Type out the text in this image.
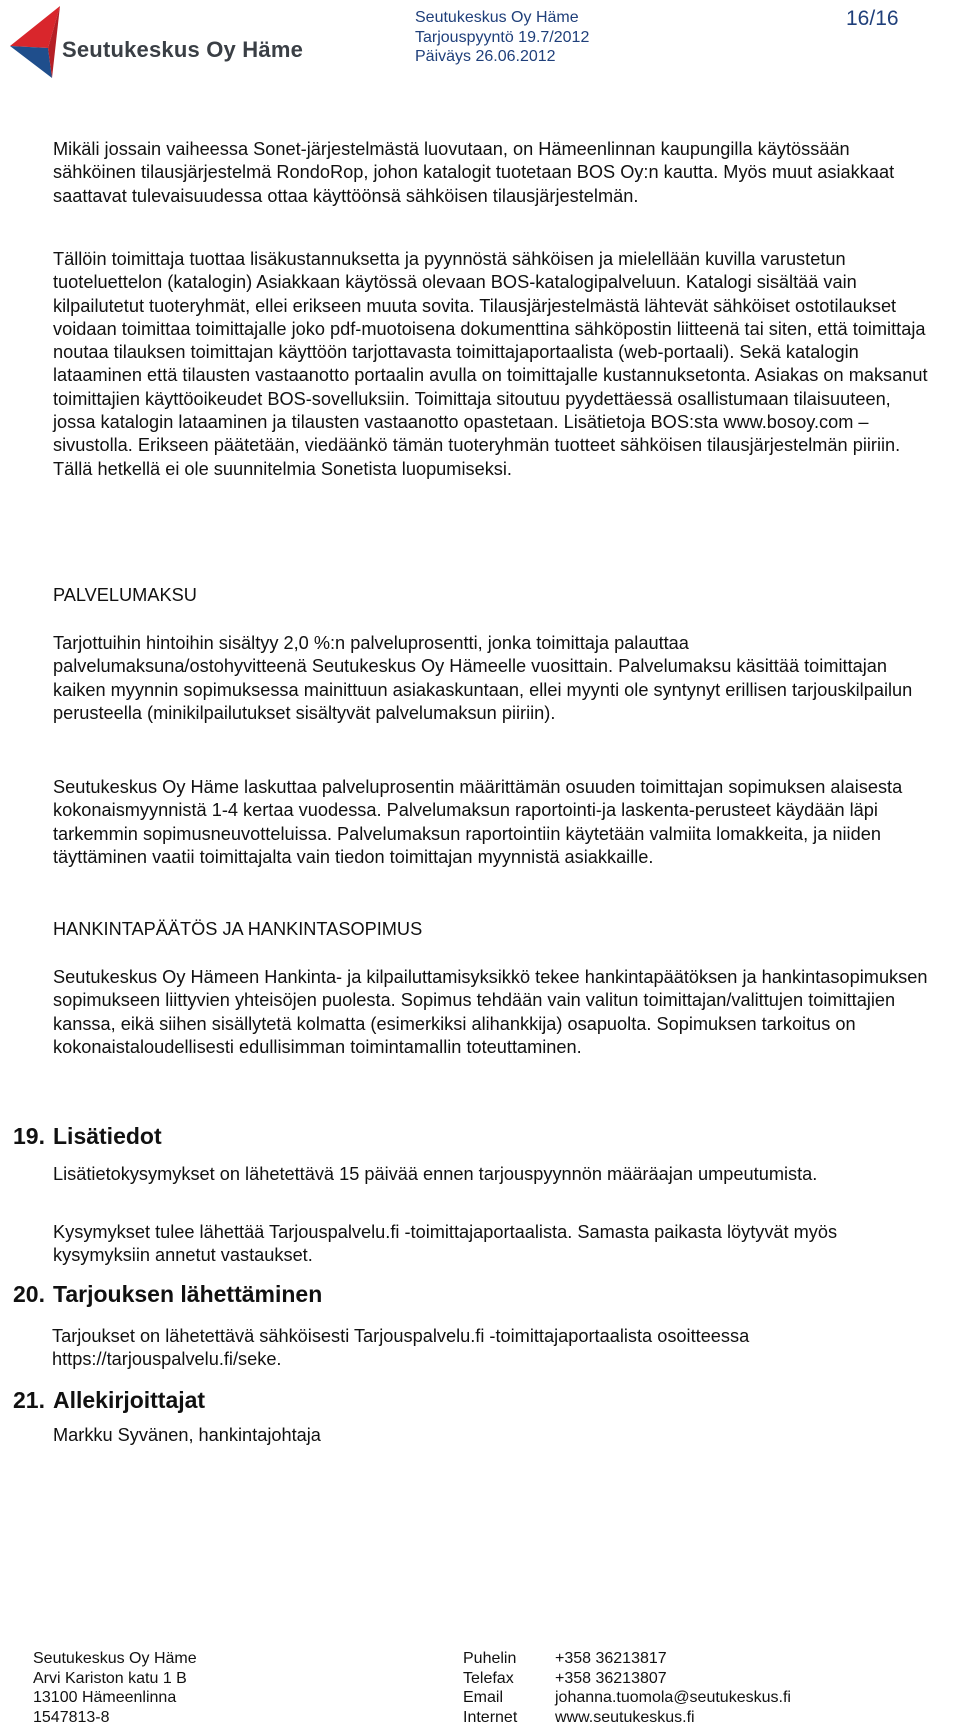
Seutukeskus Oy Häme
Seutukeskus Oy Häme
Tarjouspyyntö 19.7/2012
Päiväys 26.06.2012
16/16

Mikäli jossain vaiheessa Sonet-järjestelmästä luovutaan, on Hämeenlinnan kaupungilla käytössään sähköinen tilausjärjestelmä RondoRop, johon katalogit tuotetaan BOS Oy:n kautta. Myös muut asiakkaat saattavat tulevaisuudessa ottaa käyttöönsä sähköisen tilausjärjestelmän.

Tällöin toimittaja tuottaa lisäkustannuksetta ja pyynnöstä sähköisen ja mielellään kuvilla varustetun tuoteluettelon (katalogin) Asiakkaan käytössä olevaan BOS-katalogipalveluun. Katalogi sisältää vain kilpailutetut tuoteryhmät, ellei erikseen muuta sovita. Tilausjärjestelmästä lähtevät sähköiset ostotilaukset voidaan toimittaa toimittajalle joko pdf-muotoisena dokumenttina sähköpostin liitteenä tai siten, että toimittaja noutaa tilauksen toimittajan käyttöön tarjottavasta toimittajaportaalista (web-portaali). Sekä katalogin lataaminen että tilausten vastaanotto portaalin avulla on toimittajalle kustannuksetonta. Asiakas on maksanut toimittajien käyttöoikeudet BOS-sovelluksiin. Toimittaja sitoutuu pyydettäessä osallistumaan tilaisuuteen, jossa katalogin lataaminen ja tilausten vastaanotto opastetaan. Lisätietoja BOS:sta www.bosoy.com –sivustolla. Erikseen päätetään, viedäänkö tämän tuoteryhmän tuotteet sähköisen tilausjärjestelmän piiriin. Tällä hetkellä ei ole suunnitelmia Sonetista luopumiseksi.

PALVELUMAKSU

Tarjottuihin hintoihin sisältyy 2,0 %:n palveluprosentti, jonka toimittaja palauttaa palvelumaksuna/ostohyvitteenä Seutukeskus Oy Hämeelle vuosittain. Palvelumaksu käsittää toimittajan kaiken myynnin sopimuksessa mainittuun asiakaskuntaan, ellei myynti ole syntynyt erillisen tarjouskilpailun perusteella (minikilpailutukset sisältyvät palvelumaksun piiriin).

Seutukeskus Oy Häme laskuttaa palveluprosentin määrittämän osuuden toimittajan sopimuksen alaisesta kokonaismyynnistä 1-4 kertaa vuodessa. Palvelumaksun raportointi-ja laskenta-perusteet käydään läpi tarkemmin sopimusneuvotteluissa. Palvelumaksun raportointiin käytetään valmiita lomakkeita, ja niiden täyttäminen vaatii toimittajalta vain tiedon toimittajan myynnistä asiakkaille.

HANKINTAPÄÄTÖS JA HANKINTASOPIMUS

Seutukeskus Oy Hämeen Hankinta- ja kilpailuttamisyksikkö tekee hankintapäätöksen ja hankintasopimuksen sopimukseen liittyvien yhteisöjen puolesta. Sopimus tehdään vain valitun toimittajan/valittujen toimittajien kanssa, eikä siihen sisällytetä kolmatta (esimerkiksi alihankkija) osapuolta. Sopimuksen tarkoitus on kokonaistaloudellisesti edullisimman toimintamallin toteuttaminen.

19. Lisätiedot

Lisätietokysymykset on lähetettävä 15 päivää ennen tarjouspyynnön määräajan umpeutumista.

Kysymykset tulee lähettää Tarjouspalvelu.fi -toimittajaportaalista. Samasta paikasta löytyvät myös kysymyksiin annetut vastaukset.

20. Tarjouksen lähettäminen

Tarjoukset on lähetettävä sähköisesti Tarjouspalvelu.fi -toimittajaportaalista osoitteessa https://tarjouspalvelu.fi/seke.

21. Allekirjoittajat

Markku Syvänen, hankintajohtaja

Seutukeskus Oy Häme
Arvi Kariston katu 1 B
13100 Hämeenlinna
1547813-8
Puhelin
Telefax
Email
Internet
+358 36213817
+358 36213807
johanna.tuomola@seutukeskus.fi
www.seutukeskus.fi
